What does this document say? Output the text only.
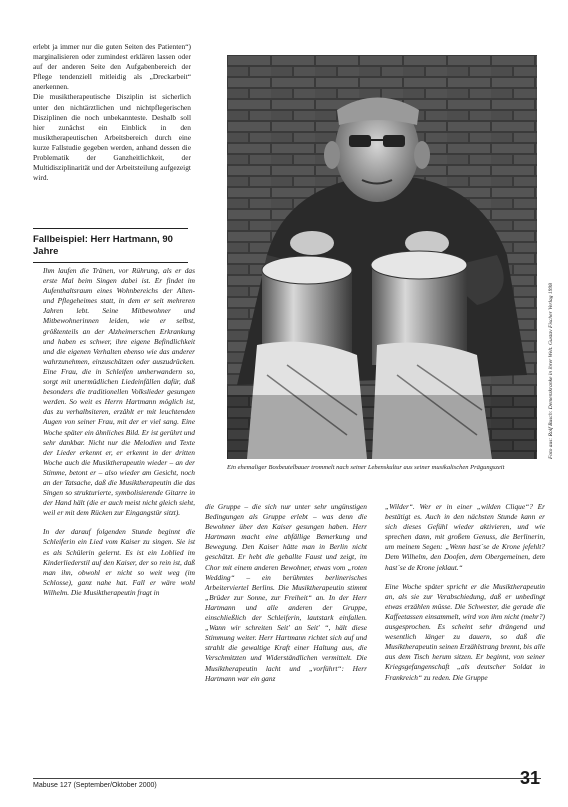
erlebt ja immer nur die guten Seiten des Patienten“) marginalisieren oder zumindest erklären lassen oder auf der anderen Seite den Aufgabenbereich der Pflege tendenziell mitleidig als „Dreckarbeit“ anerkennen.

Die musiktherapeutische Disziplin ist sicherlich unter den nichtärztlichen und nichtpflegerischen Disziplinen die noch unbekannteste. Deshalb soll hier zunächst ein Einblick in den musiktherapeutischen Arbeitsbereich durch eine kurze Fallstudie gegeben werden, anhand dessen die Problematik der Ganzheitlichkeit, der Multidisziplinarität und der Arbeitsteilung aufgezeigt wird.

Fallbeispiel: Herr Hartmann, 90 Jahre

Ihm laufen die Tränen, vor Rührung, als er das erste Mal beim Singen dabei ist. Er findet im Aufenthaltsraum eines Wohnbereichs der Alten- und Pflegeheimes statt, in dem er seit mehreren Jahren lebt. Seine Mitbewohner und Mitbewohnerinnen leiden, wie er selbst, größtenteils an der Alzheimerschen Erkrankung und haben es schwer, ihre eigene Befindlichkeit und die eigenen Verhalten ebenso wie das anderer wahrzunehmen, einzuschätzen oder auszudrücken. Eine Frau, die in Schleifen umherwandern so, sorgt mit unermüdlichen Liedeinfällen dafür, daß besonders die traditionellen Volkslieder gesungen werden. So weit es Herrn Hartmann möglich ist, das zu verhalbsiteren, erzählt er mit leuchtenden Augen von seiner Frau, mit der er viel sang. Eine Woche später ein ähnliches Bild. Er ist gerührt und sehr dankbar. Nicht nur die Melodien und Texte der Lieder erkennt er, er erkennt in der dritten Woche auch die Musiktherapeutin wieder – an der Stimme, betont er – also wieder am Gesicht, noch an der Tatsache, daß die Musiktherapeutin die das Singen so strukturierte, symbolisierende Gitarre in der Hand hält (die er auch meist nicht gleich sieht, weil er mit dem Rücken zur Eingangstür sitzt).

In der darauf folgenden Stunde beginnt die Schleiferin ein Lied vom Kaiser zu singen. Sie ist es als Schülerin gelernt. Es ist ein Loblied im Kinderliederstil auf den Kaiser, der so rein ist, daß man ihn, obwohl er nicht so weit weg (im Schlosse), ganz nahe hat. Fall er wäre wohl Wilhelm. Die Musiktherapeutin fragt in

Foto aus: Rolf Busch: Demenzkranke in ihrer Welt. Gustav Fischer Verlag 1998
Ein ehemaliger Boxbeutelbauer trommelt nach seiner Lebenskultur aus seiner musikalischen Prägungszeit

die Gruppe – die sich nur unter sehr ungünstigen Bedingungen als Gruppe erlebt – was denn die Bewohner über den Kaiser gesungen haben. Herr Hartmann macht eine abfällige Bemerkung und Bewegung. Den Kaiser hätte man in Berlin nicht geschätzt. Er hebt die geballte Faust und zeigt, im Chor mit einem anderen Bewohner, etwas vom „roten Wedding“ – ein berühmtes berlinerisches Arbeiterviertel Berlins. Die Musiktherapeutin stimmt „Brüder zur Sonne, zur Freiheit“ an. In der Herr Hartmann und alle anderen der Gruppe, einschließlich der Schleiferin, lautstark einfallen. „Wann wir schreiten Seit' an Seit' “, hält diese Stimmung weiter. Herr Hartmann richtet sich auf und strahlt die gewaltige Kraft einer Haltung aus, die Verschmitzten und Widerständlichen vermittelt. Die Musiktherapeutin lacht und „vorführt“: Herr Hartmann war ein ganz

„Wilder“. Wer er in einer „wilden Clique“? Er bestätigt es. Auch in den nächsten Stunde kann er sich dieses Gefühl wieder aktivieren, und wie sprechen dann, mit großem Genuss, die Berlinerin, um meinem Segen: „Wenn hast´se de Krone jefehlt? Dem Wilhelm, den Doofen, dem Obergemeinen, dem hast´se de Krone jeklaut.“

Eine Woche später spricht er die Musiktherapeutin an, als sie zur Verabschiedung, daß er unbedingt etwas erzählen müsse. Die Schwester, die gerade die Kaffeetassen einsammelt, wird von ihm nicht (mehr?) ausgesprochen. Es scheint sehr drängend und wesentlich länger zu dauern, so daß die Musiktherapeutin seinen Erzählstrang brennt, bis alle aus dem Tisch herum sitzen. Er beginnt, von seiner Kriegsgefangenschaft „als deutscher Soldat in Frankreich“ zu reden. Die Gruppe

Mabuse 127 (September/Oktober 2000)	31
